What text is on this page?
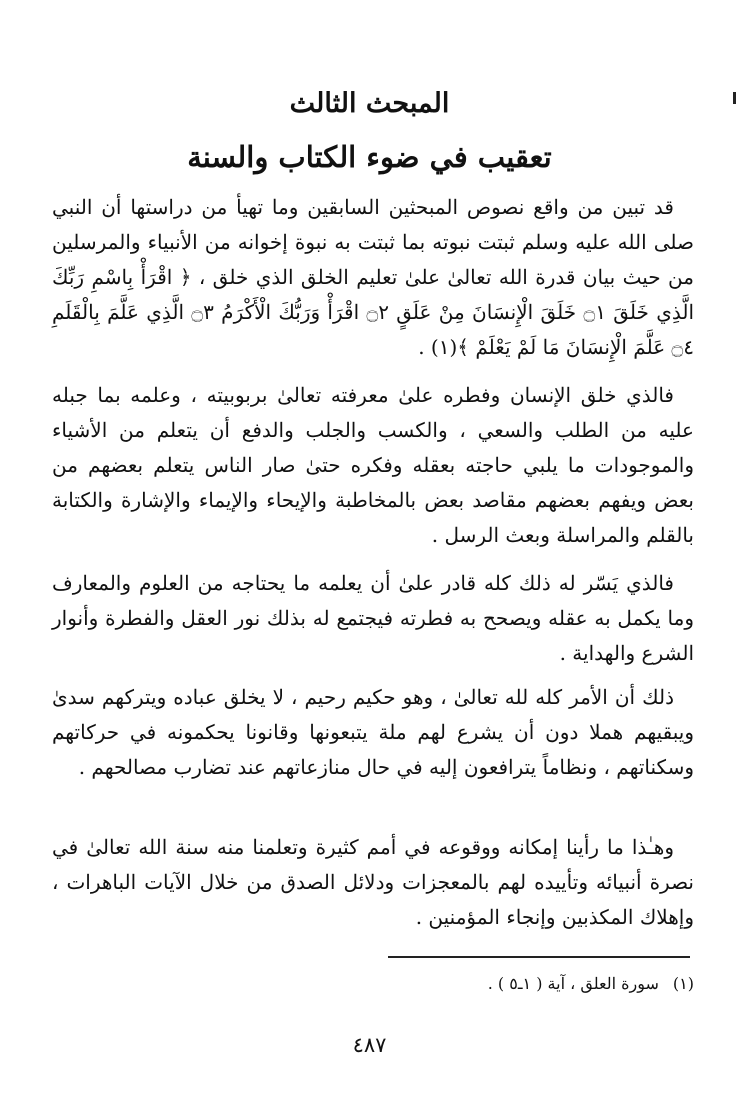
المبحث الثالث
تعقيب في ضوء الكتاب والسنة

قد تبين من واقع نصوص المبحثين السابقين وما تهيأ من دراستها أن النبي صلى الله عليه وسلم ثبتت نبوته بما ثبتت به نبوة إخوانه من الأنبياء والمرسلين من حيث بيان قدرة الله تعالىٰ علىٰ تعليم الخلق الذي خلق ، ﴿ اقْرَأْ بِاسْمِ رَبِّكَ الَّذِي خَلَقَ ۝١ خَلَقَ الْإِنسَانَ مِنْ عَلَقٍ ۝٢ اقْرَأْ وَرَبُّكَ الْأَكْرَمُ ۝٣ الَّذِي عَلَّمَ بِالْقَلَمِ ۝٤ عَلَّمَ الْإِنسَانَ مَا لَمْ يَعْلَمْ ﴾(١) .

فالذي خلق الإنسان وفطره علىٰ معرفته تعالىٰ بربوبيته ، وعلمه بما جبله عليه من الطلب والسعي ، والكسب والجلب والدفع أن يتعلم من الأشياء والموجودات ما يلبي حاجته بعقله وفكره حتىٰ صار الناس يتعلم بعضهم من بعض ويفهم بعضهم مقاصد بعض بالمخاطبة والإيحاء والإيماء والإشارة والكتابة بالقلم والمراسلة وبعث الرسل .

فالذي يَسّر له ذلك كله قادر علىٰ أن يعلمه ما يحتاجه من العلوم والمعارف وما يكمل به عقله ويصحح به فطرته فيجتمع له بذلك نور العقل والفطرة وأنوار الشرع والهداية .

ذلك أن الأمر كله لله تعالىٰ ، وهو حكيم رحيم ، لا يخلق عباده ويتركهم سدىٰ ويبقيهم هملا دون أن يشرع لهم ملة يتبعونها وقانونا يحكمونه في حركاتهم وسكناتهم ، ونظاماً يترافعون إليه في حال منازعاتهم عند تضارب مصالحهم .

وهـٰذا ما رأينا إمكانه ووقوعه في أمم كثيرة وتعلمنا منه سنة الله تعالىٰ في نصرة أنبيائه وتأييده لهم بالمعجزات ودلائل الصدق من خلال الآيات الباهرات ، وإهلاك المكذبين وإنجاء المؤمنين .

(١)سورة العلق ، آية ( ١ـ٥ ) .
٤٨٧
